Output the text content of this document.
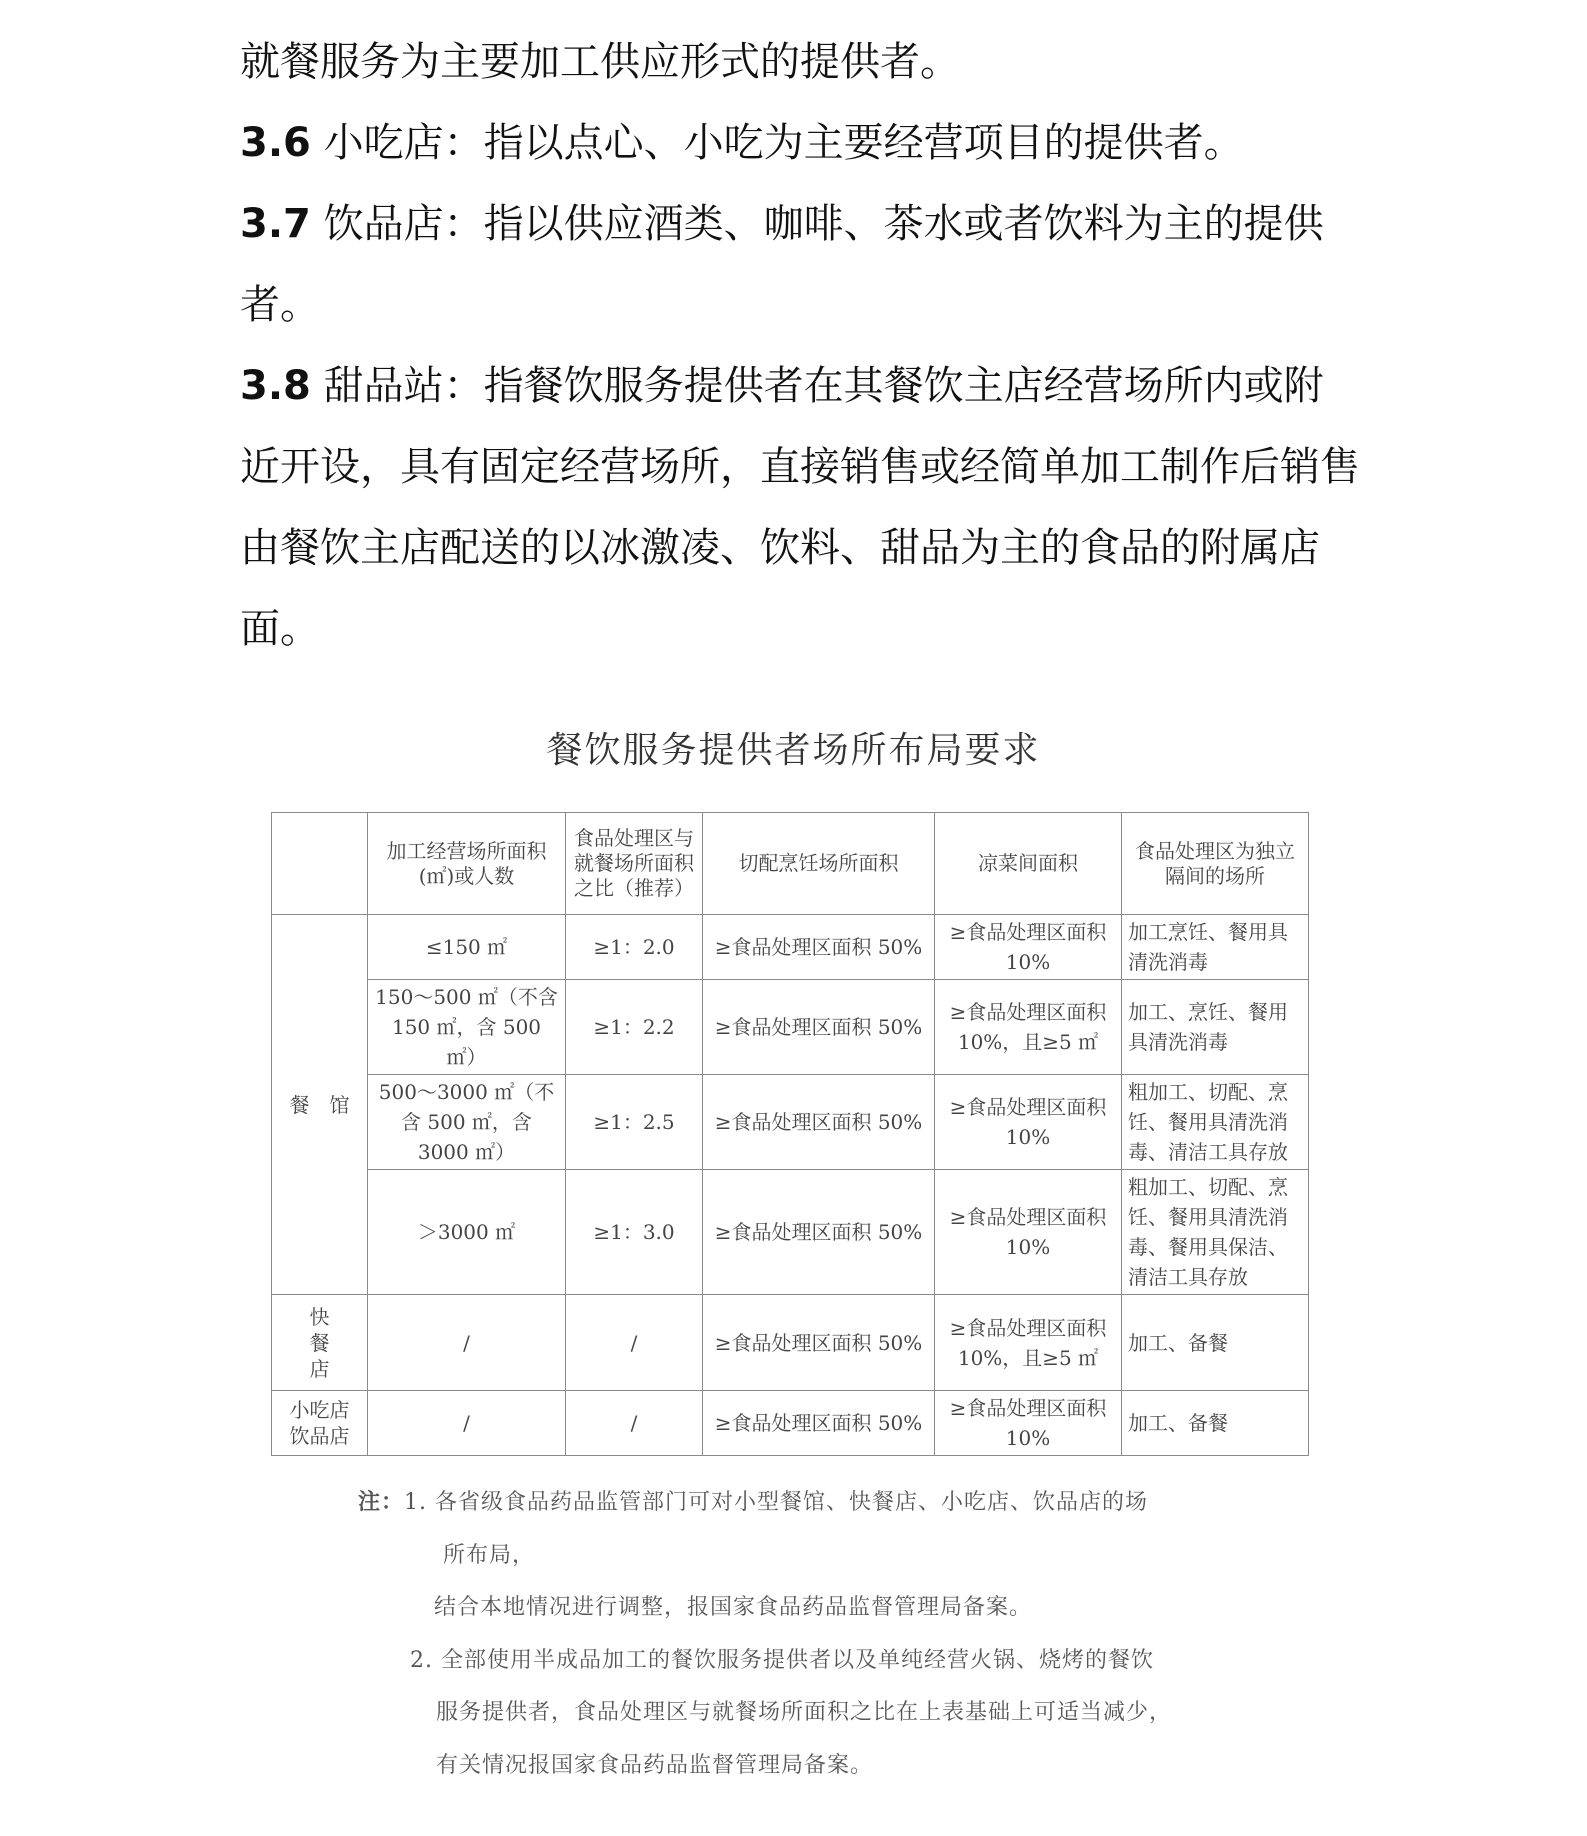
就餐服务为主要加工供应形式的提供者。

3.6 小吃店：指以点心、小吃为主要经营项目的提供者。

3.7 饮品店：指以供应酒类、咖啡、茶水或者饮料为主的提供者。

3.8 甜品站：指餐饮服务提供者在其餐饮主店经营场所内或附近开设，具有固定经营场所，直接销售或经简单加工制作后销售由餐饮主店配送的以冰激凌、饮料、甜品为主的食品的附属店面。

餐饮服务提供者场所布局要求
	加工经营场所面积(㎡)或人数	食品处理区与就餐场所面积之比（推荐）	切配烹饪场所面积	凉菜间面积	食品处理区为独立隔间的场所
餐　馆	≤150 ㎡	≥1：2.0	≥食品处理区面积 50%	≥食品处理区面积 10%	加工烹饪、餐用具清洗消毒
	150～500 ㎡（不含 150 ㎡，含 500 ㎡）	≥1：2.2	≥食品处理区面积 50%	≥食品处理区面积 10%，且≥5 ㎡	加工、烹饪、餐用具清洗消毒
	500～3000 ㎡（不含 500 ㎡，含 3000 ㎡）	≥1：2.5	≥食品处理区面积 50%	≥食品处理区面积 10%	粗加工、切配、烹饪、餐用具清洗消毒、清洁工具存放
	＞3000 ㎡	≥1：3.0	≥食品处理区面积 50%	≥食品处理区面积 10%	粗加工、切配、烹饪、餐用具清洗消毒、餐用具保洁、清洁工具存放
快餐店	/	/	≥食品处理区面积 50%	≥食品处理区面积 10%，且≥5 ㎡	加工、备餐
小吃店饮品店	/	/	≥食品处理区面积 50%	≥食品处理区面积 10%	加工、备餐
注：1. 各省级食品药品监管部门可对小型餐馆、快餐店、小吃店、饮品店的场
所布局，
结合本地情况进行调整，报国家食品药品监督管理局备案。
2. 全部使用半成品加工的餐饮服务提供者以及单纯经营火锅、烧烤的餐饮
服务提供者，食品处理区与就餐场所面积之比在上表基础上可适当减少，
有关情况报国家食品药品监督管理局备案。
